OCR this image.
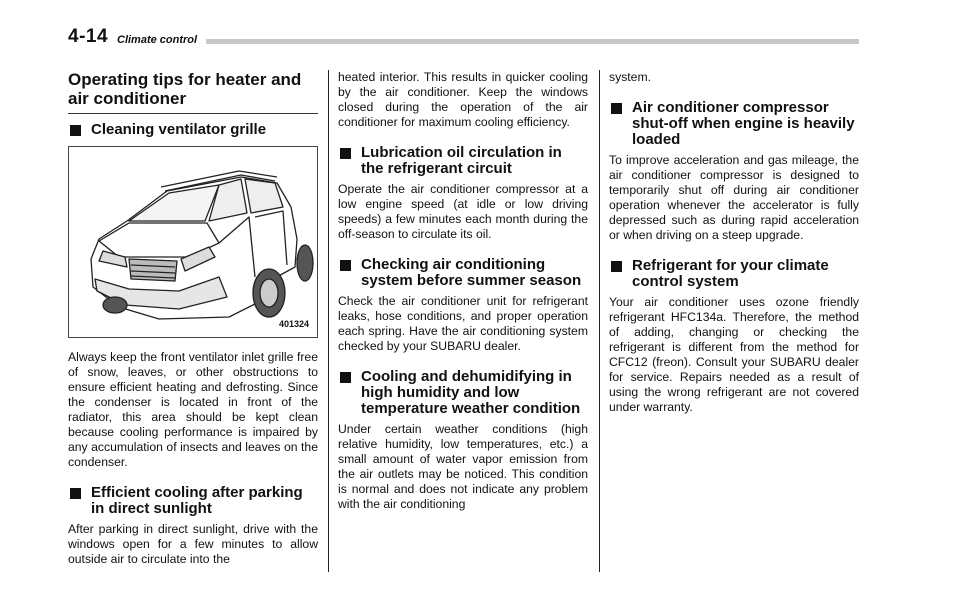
4-14 Climate control
Operating tips for heater and air conditioner
Cleaning ventilator grille
401324

Always keep the front ventilator inlet grille free of snow, leaves, or other obstructions to ensure efficient heating and defrosting. Since the condenser is located in front of the radiator, this area should be kept clean because cooling performance is impaired by any accumulation of insects and leaves on the condenser.

Efficient cooling after parking in direct sunlight

After parking in direct sunlight, drive with the windows open for a few minutes to allow outside air to circulate into the

heated interior. This results in quicker cooling by the air conditioner. Keep the windows closed during the operation of the air conditioner for maximum cooling efficiency.

Lubrication oil circulation in the refrigerant circuit

Operate the air conditioner compressor at a low engine speed (at idle or low driving speeds) a few minutes each month during the off-season to circulate its oil.

Checking air conditioning system before summer season

Check the air conditioner unit for refrigerant leaks, hose conditions, and proper operation each spring. Have the air conditioning system checked by your SUBARU dealer.

Cooling and dehumidifying in high humidity and low temperature weather condition

Under certain weather conditions (high relative humidity, low temperatures, etc.) a small amount of water vapor emission from the air outlets may be noticed. This condition is normal and does not indicate any problem with the air conditioning

system.

Air conditioner compressor shut-off when engine is heavily loaded

To improve acceleration and gas mileage, the air conditioner compressor is designed to temporarily shut off during air conditioner operation whenever the accelerator is fully depressed such as during rapid acceleration or when driving on a steep upgrade.

Refrigerant for your climate control system

Your air conditioner uses ozone friendly refrigerant HFC134a. Therefore, the method of adding, changing or checking the refrigerant is different from the method for CFC12 (freon). Consult your SUBARU dealer for service. Repairs needed as a result of using the wrong refrigerant are not covered under warranty.
